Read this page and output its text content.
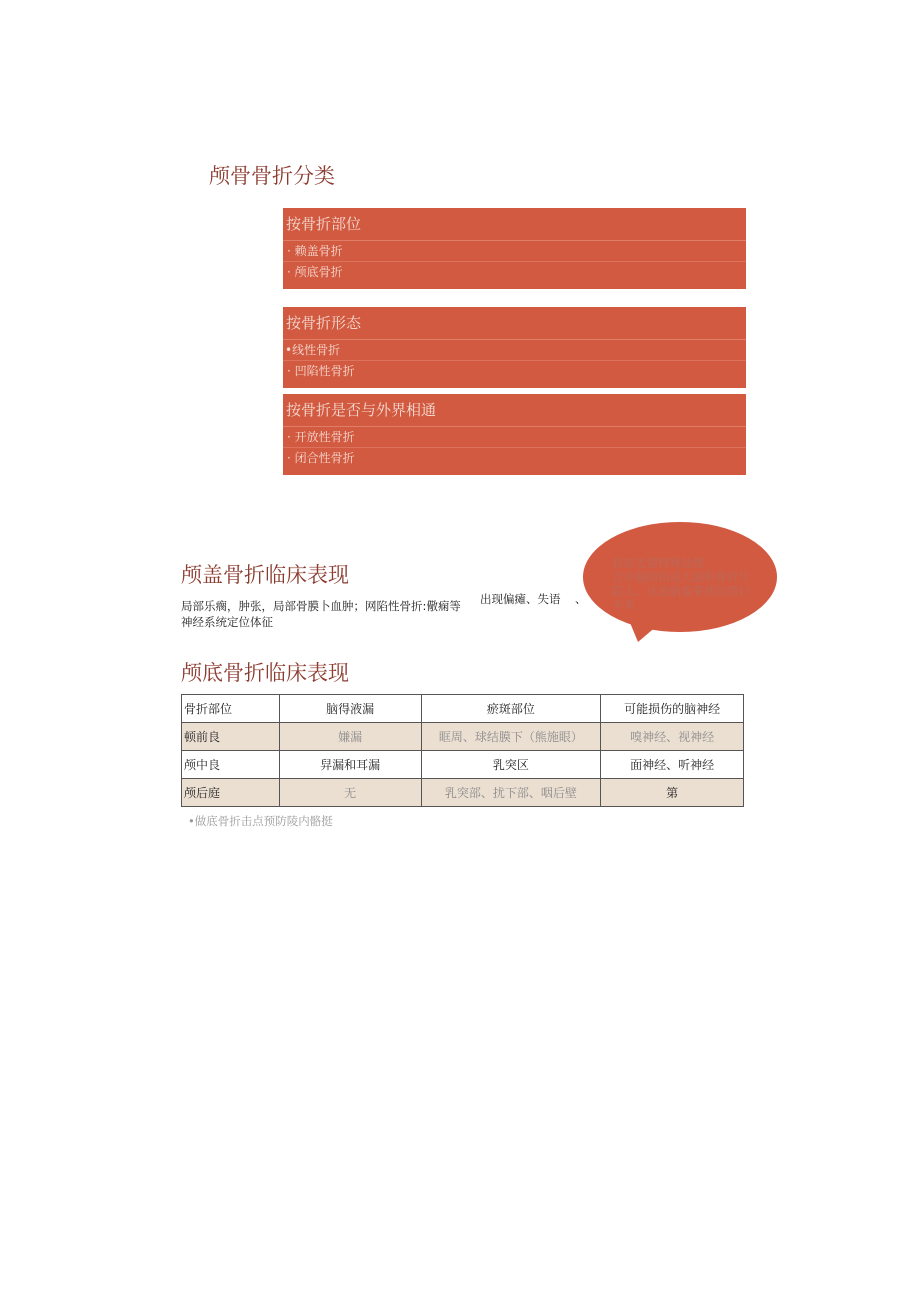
颅骨骨折分类
按骨折部位
· 赖盖骨折
· 颅底骨折
按骨折形态
•线性骨折
· 凹陷性骨折
按骨折是否与外界相通
· 开放性骨折
· 闭合性骨折
颅盖骨折临床表现
局部乐瘸，肿张，局部骨膜卜血肿；网陷性骨折:儆痫等
神经系统定位体征
出现偏瘫、失语 、
轻症无需特殊处理
合并脑损伤或大面积骨折片
陷入、压迫脑重要部位需行
手术
颅底骨折临床表现
骨折部位	脑得液漏	瘀斑部位	可能损伤的脑神经
顿前良	嫌漏	眶周、球结膜下（熊施眼）	嗅神经、视神经
颅中良	舁漏和耳漏	乳突区	面神经、听神经
颅后庭	无	乳突部、扰下部、咽后壁	第
•做底骨折击点预防陵内骼挺
